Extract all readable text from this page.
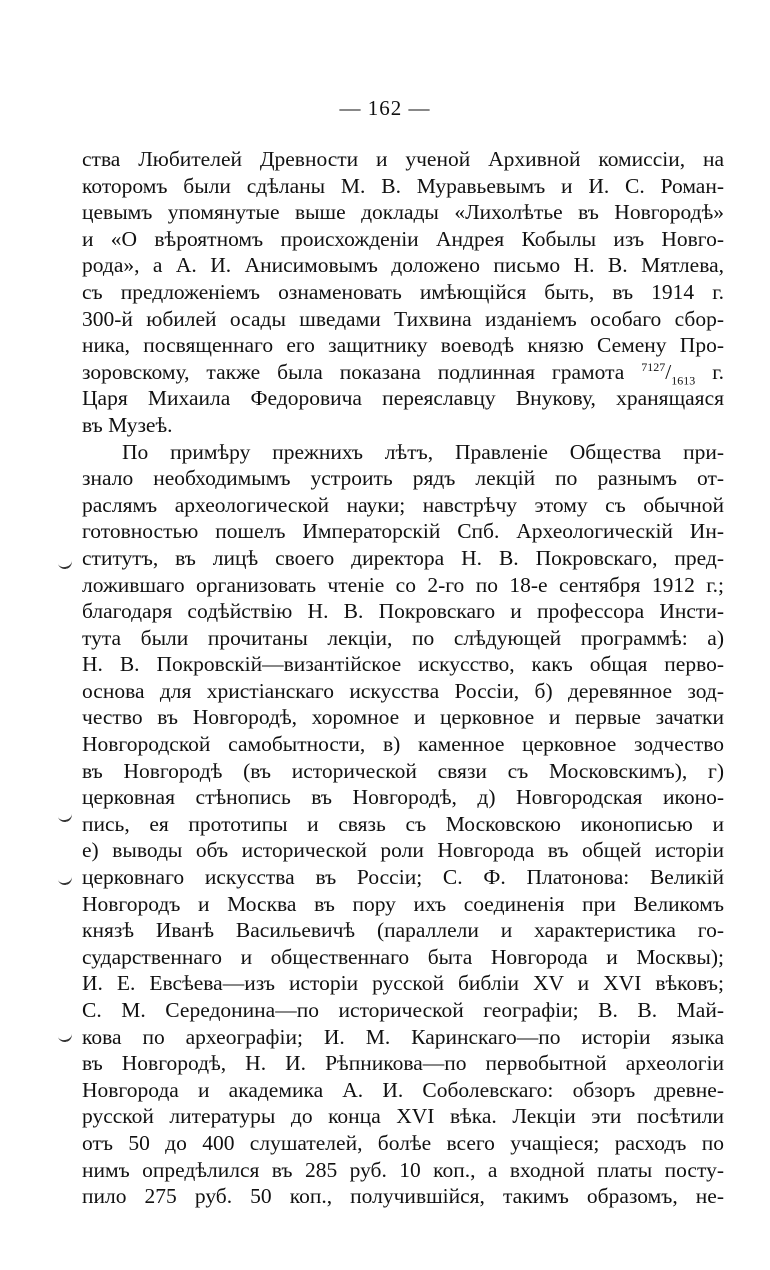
— 162 —
ства Любителей Древности и ученой Архивной комиссіи, на
которомъ были сдѣланы М. В. Муравьевымъ и И. С. Роман-
цевымъ упомянутые выше доклады «Лихолѣтье въ Новгородѣ»
и «О вѣроятномъ происхожденіи Андрея Кобылы изъ Новго-
рода», а А. И. Анисимовымъ доложено письмо Н. В. Мятлева,
съ предложеніемъ ознаменовать имѣющійся быть, въ 1914 г.
300-й юбилей осады шведами Тихвина изданіемъ особаго сбор-
ника, посвященнаго его защитнику воеводѣ князю Семену Про-
зоровскому, также была показана подлинная грамота $^{7127}/_{1613}$ г.
Царя Михаила Федоровича переяславцу Внукову, хранящаяся
въ Музеѣ.
По примѣру прежнихъ лѣтъ, Правленіе Общества при-
знало необходимымъ устроить рядъ лекцій по разнымъ от-
раслямъ археологической науки; навстрѣчу этому съ обычной
готовностью пошелъ Императорскій Спб. Археологическій Ин-
ститутъ, въ лицѣ своего директора Н. В. Покровскаго, пред-
ложившаго организовать чтеніе со 2-го по 18-е сентября 1912 г.;
благодаря содѣйствію Н. В. Покровскаго и профессора Инсти-
тута были прочитаны лекціи, по слѣдующей программѣ: а)
Н. В. Покровскій—византійское искусство, какъ общая перво-
основа для христіанскаго искусства Россіи, б) деревянное зод-
чество въ Новгородѣ, хоромное и церковное и первые зачатки
Новгородской самобытности, в) каменное церковное зодчество
въ Новгородѣ (въ исторической связи съ Московскимъ), г)
церковная стѣнопись въ Новгородѣ, д) Новгородская иконо-
пись, ея прототипы и связь съ Московскою иконописью и
е) выводы объ исторической роли Новгорода въ общей исторіи
церковнаго искусства въ Россіи; С. Ф. Платонова: Великій
Новгородъ и Москва въ пору ихъ соединенія при Великомъ
князѣ Иванѣ Васильевичѣ (параллели и характеристика го-
сударственнаго и общественнаго быта Новгорода и Москвы);
И. Е. Евсѣева—изъ исторіи русской библіи XV и XVI вѣковъ;
С. М. Середонина—по исторической географіи; В. В. Май-
кова по археографіи; И. М. Каринскаго—по исторіи языка
въ Новгородѣ, Н. И. Рѣпникова—по первобытной археологіи
Новгорода и академика А. И. Соболевскаго: обзоръ древне-
русской литературы до конца XVI вѣка. Лекціи эти посѣтили
отъ 50 до 400 слушателей, болѣе всего учащіеся; расходъ по
нимъ опредѣлился въ 285 руб. 10 коп., а входной платы посту-
пило 275 руб. 50 коп., получившійся, такимъ образомъ, не-
